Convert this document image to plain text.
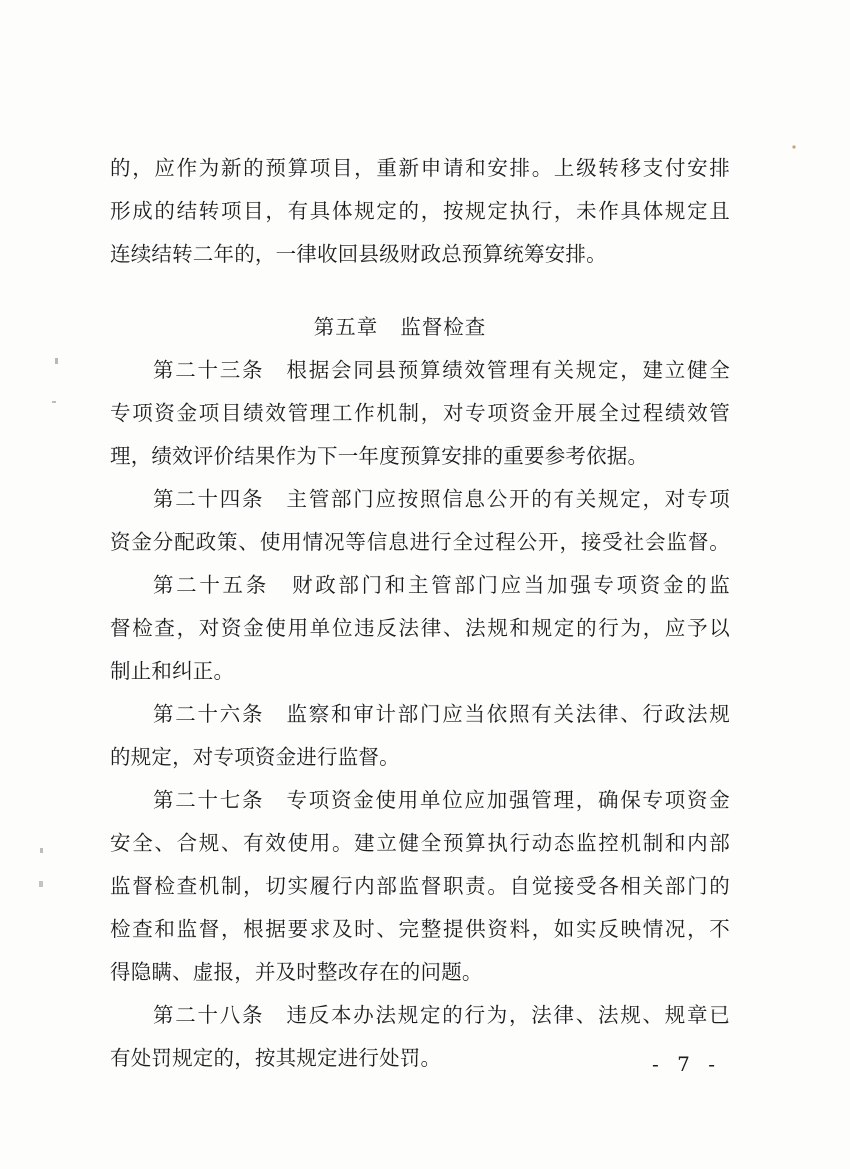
的，应作为新的预算项目，重新申请和安排。上级转移支付安排
形成的结转项目，有具体规定的，按规定执行，未作具体规定且
连续结转二年的，一律收回县级财政总预算统筹安排。
第五章 监督检查
第二十三条　根据会同县预算绩效管理有关规定，建立健全
专项资金项目绩效管理工作机制，对专项资金开展全过程绩效管
理，绩效评价结果作为下一年度预算安排的重要参考依据。
第二十四条　主管部门应按照信息公开的有关规定，对专项
资金分配政策、使用情况等信息进行全过程公开，接受社会监督。
第二十五条　财政部门和主管部门应当加强专项资金的监
督检查，对资金使用单位违反法律、法规和规定的行为，应予以
制止和纠正。
第二十六条　监察和审计部门应当依照有关法律、行政法规
的规定，对专项资金进行监督。
第二十七条　专项资金使用单位应加强管理，确保专项资金
安全、合规、有效使用。建立健全预算执行动态监控机制和内部
监督检查机制，切实履行内部监督职责。自觉接受各相关部门的
检查和监督，根据要求及时、完整提供资料，如实反映情况，不
得隐瞒、虚报，并及时整改存在的问题。
第二十八条　违反本办法规定的行为，法律、法规、规章已
有处罚规定的，按其规定进行处罚。	- 7 -
